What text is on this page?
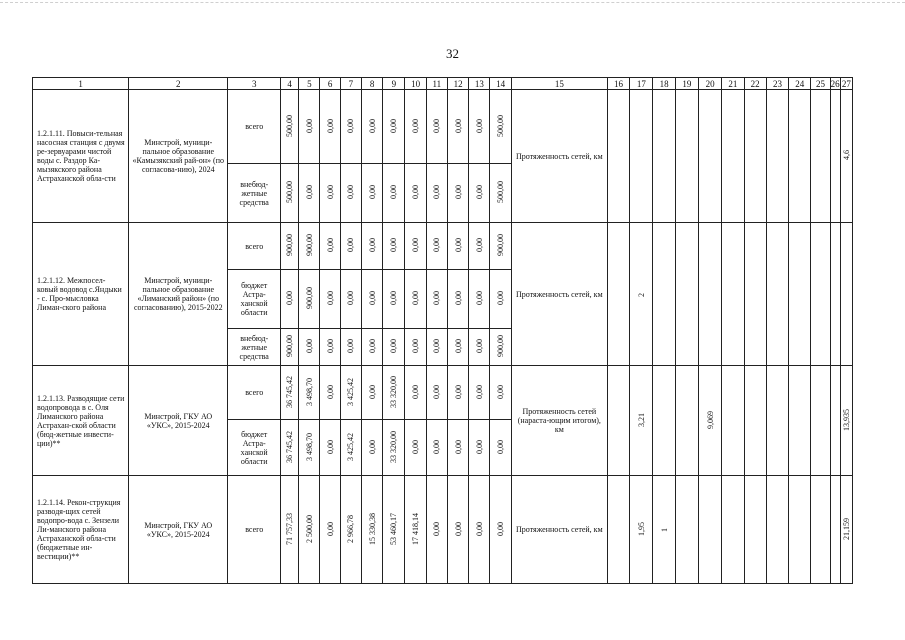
32
1	2	3	4	5	6	7	8	9	10	11	12	13	14	15	16	17	18	19	20	21	22	23	24	25	26	27
1.2.1.11. Повыси-тельная насосная станция с двумя ре-зервуарами чистой воды с. Раздор Ка-мызякского района Астраханской обла-сти	Минстрой, муници-пальное образование «Камызякский рай-он» (по согласова-нию), 2024	всего	500,00	0,00	0,00	0,00	0,00	0,00	0,00	0,00	0,00	0,00	500,00	Протяженность сетей, км												4,6
		внебюд-жетные средства	500,00	0,00	0,00	0,00	0,00	0,00	0,00	0,00	0,00	0,00	500,00													
1.2.1.12. Межпосел-ковый водовод с.Яндыки - с. Про-мысловка Лиман-ского района	Минстрой, муници-пальное образование «Лиманский район» (по согласованию), 2015-2022	всего	900,00	900,00	0,00	0,00	0,00	0,00	0,00	0,00	0,00	0,00	900,00	Протяженность сетей, км		2										
		бюджет Астра-ханской области	0,00	900,00	0,00	0,00	0,00	0,00	0,00	0,00	0,00	0,00	0,00													
		внебюд-жетные средства	900,00	0,00	0,00	0,00	0,00	0,00	0,00	0,00	0,00	0,00	900,00													
1.2.1.13. Разводящие сети водопровода в с. Оля Лиманского района Астрахан-ской области (бюд-жетные инвести-ции)**	Минстрой, ГКУ АО «УКС», 2015-2024	всего	36 745,42	3 498,70	0,00	3 425,42	0,00	33 320,00	0,00	0,00	0,00	0,00	0,00	Протяженность сетей (нараста-ющим итогом), км		3,21			9,069							13,935
		бюджет Астра-ханской области	36 745,42	3 498,70	0,00	3 425,42	0,00	33 320,00	0,00	0,00	0,00	0,00	0,00													
1.2.1.14. Рекон-струкция разводя-щих сетей водопро-вода с. Зензели Ли-манского района Астраханской обла-сти (бюджетные ин-вестиции)**	Минстрой, ГКУ АО «УКС», 2015-2024	всего	71 757,33	2 500,00	0,00	2 966,78	15 330,38	53 460,17	17 418,14	0,00	0,00	0,00	0,00	Протяженность сетей, км		1,95	1									21,159
